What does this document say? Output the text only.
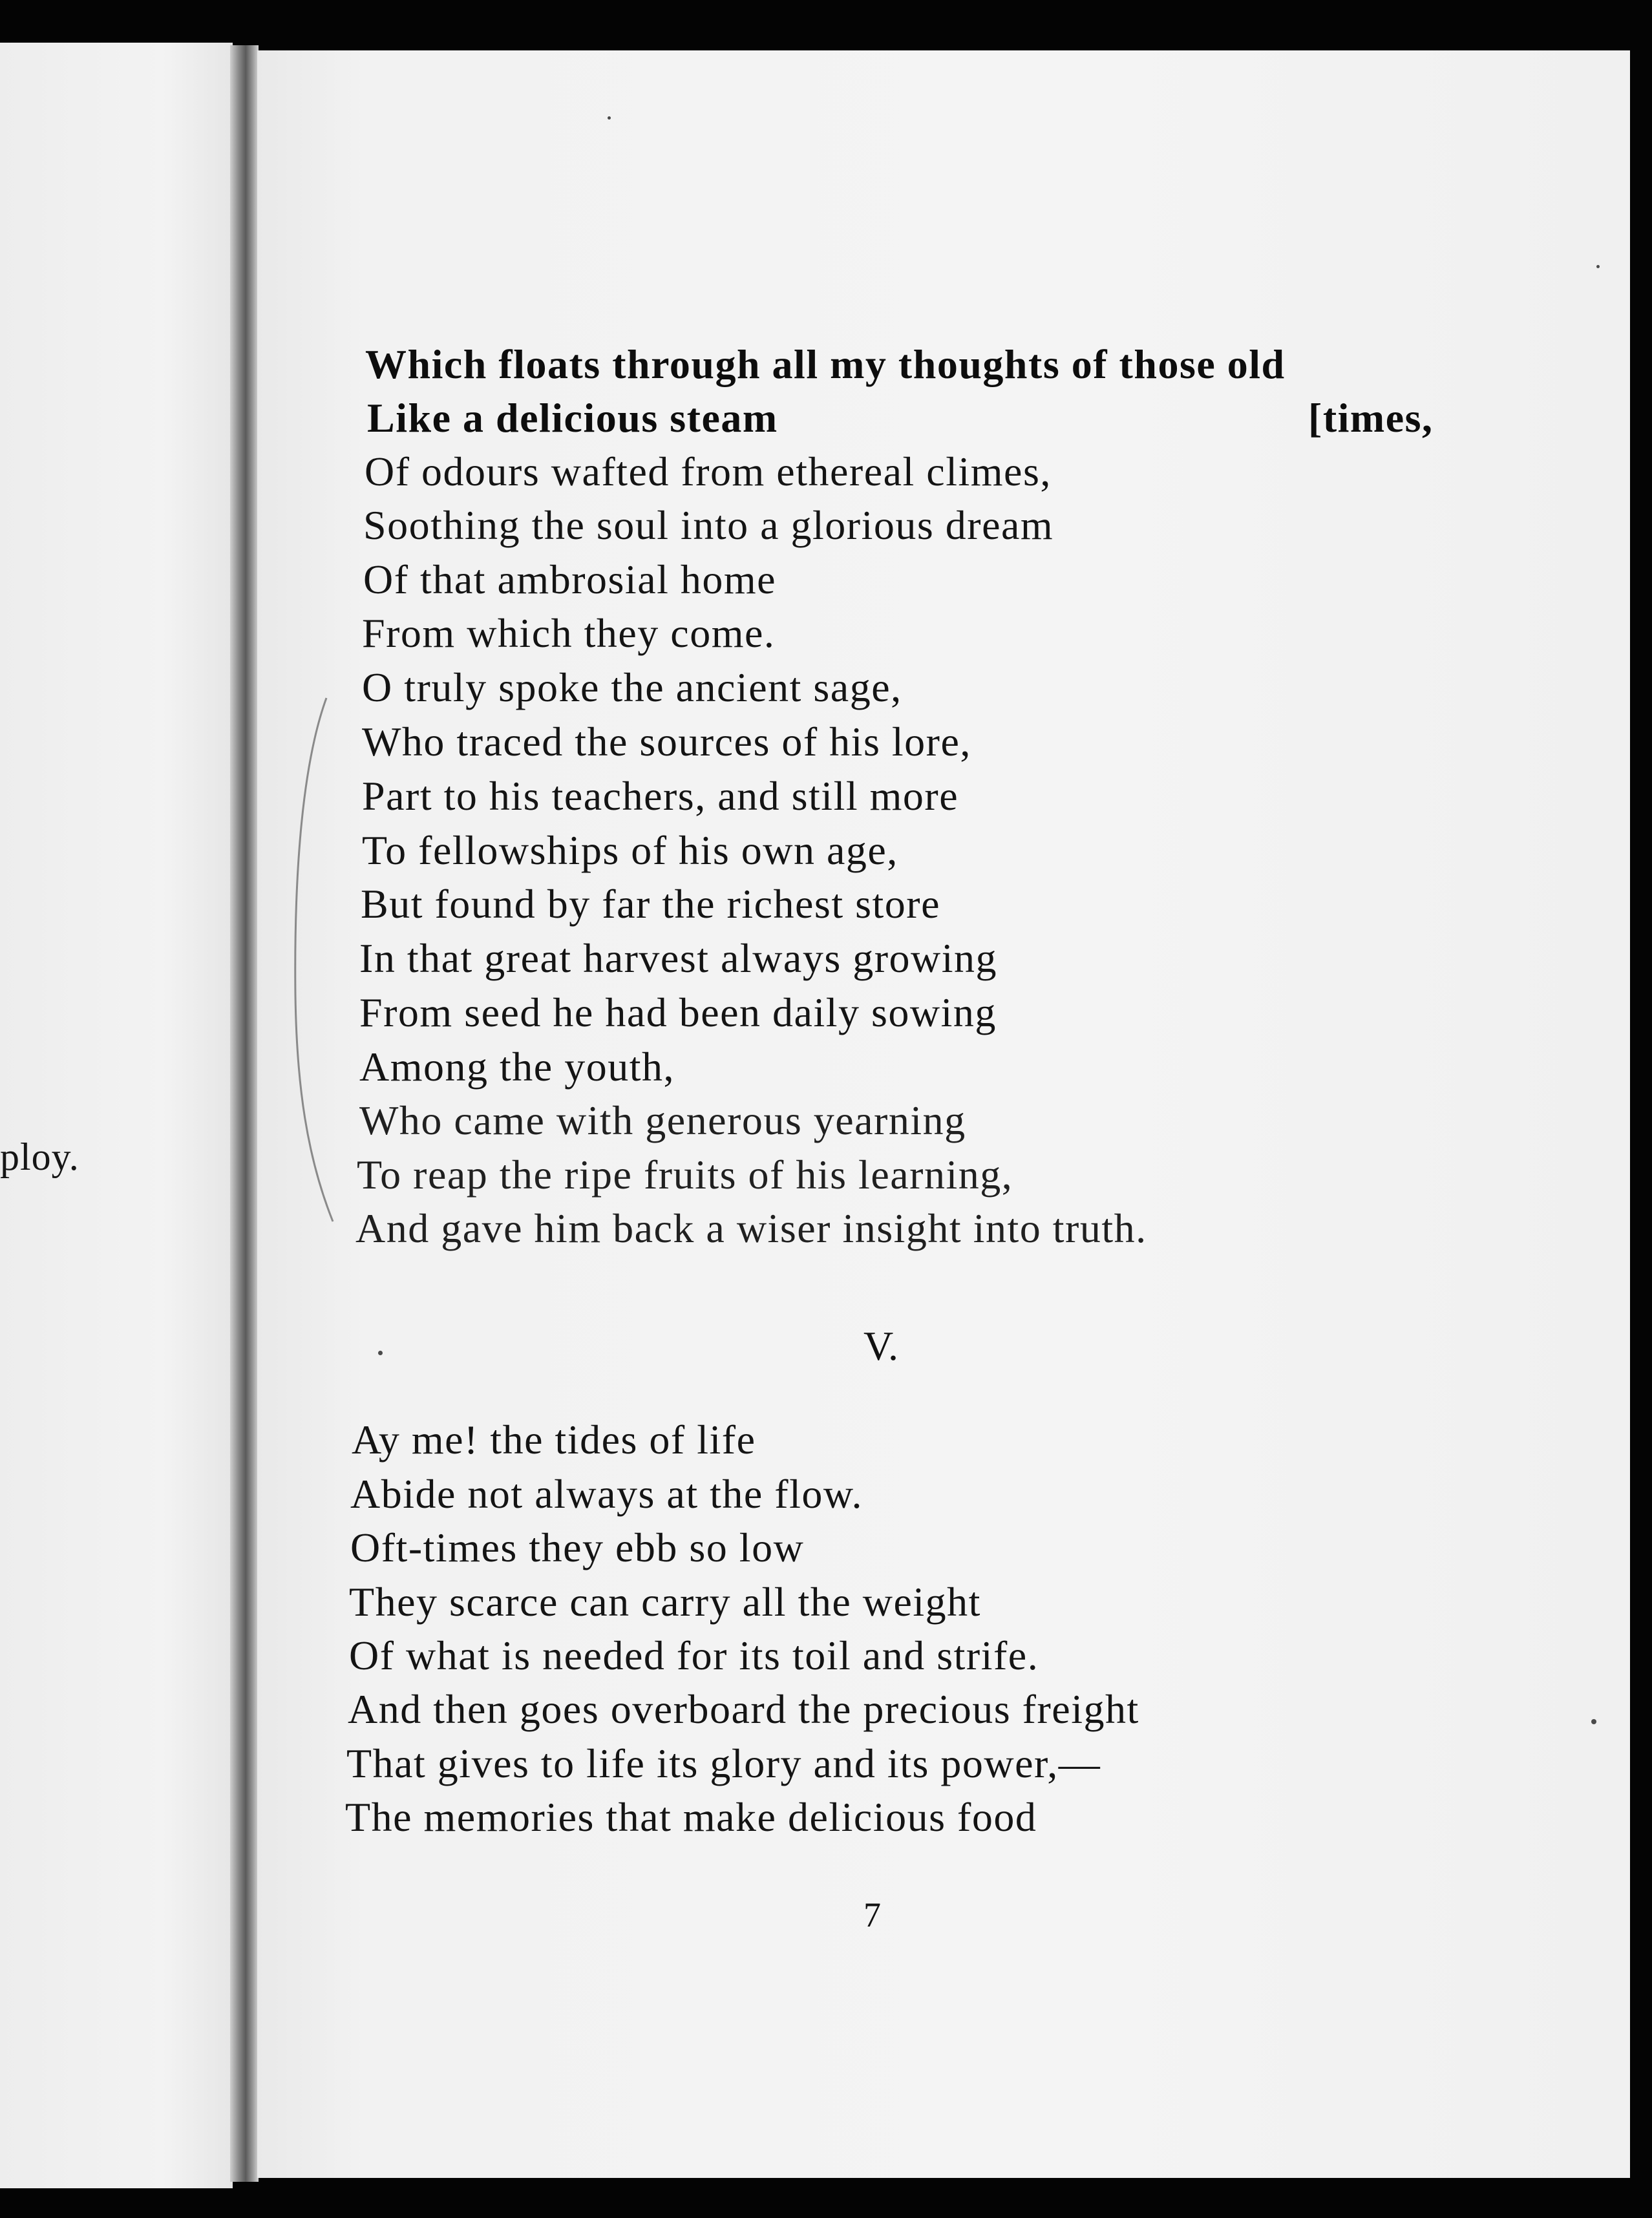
ploy.
Which floats through all my thoughts of those old
Like a delicious steam	[times,
Of odours wafted from ethereal climes,
Soothing the soul into a glorious dream
Of that ambrosial home
From which they come.
O truly spoke the ancient sage,
Who traced the sources of his lore,
Part to his teachers, and still more
To fellowships of his own age,
But found by far the richest store
In that great harvest always growing
From seed he had been daily sowing
Among the youth,
Who came with generous yearning
To reap the ripe fruits of his learning,
And gave him back a wiser insight into truth.
V.
Ay me! the tides of life
Abide not always at the flow.
Oft-times they ebb so low
They scarce can carry all the weight
Of what is needed for its toil and strife.
And then goes overboard the precious freight
That gives to life its glory and its power,—
The memories that make delicious food
7
